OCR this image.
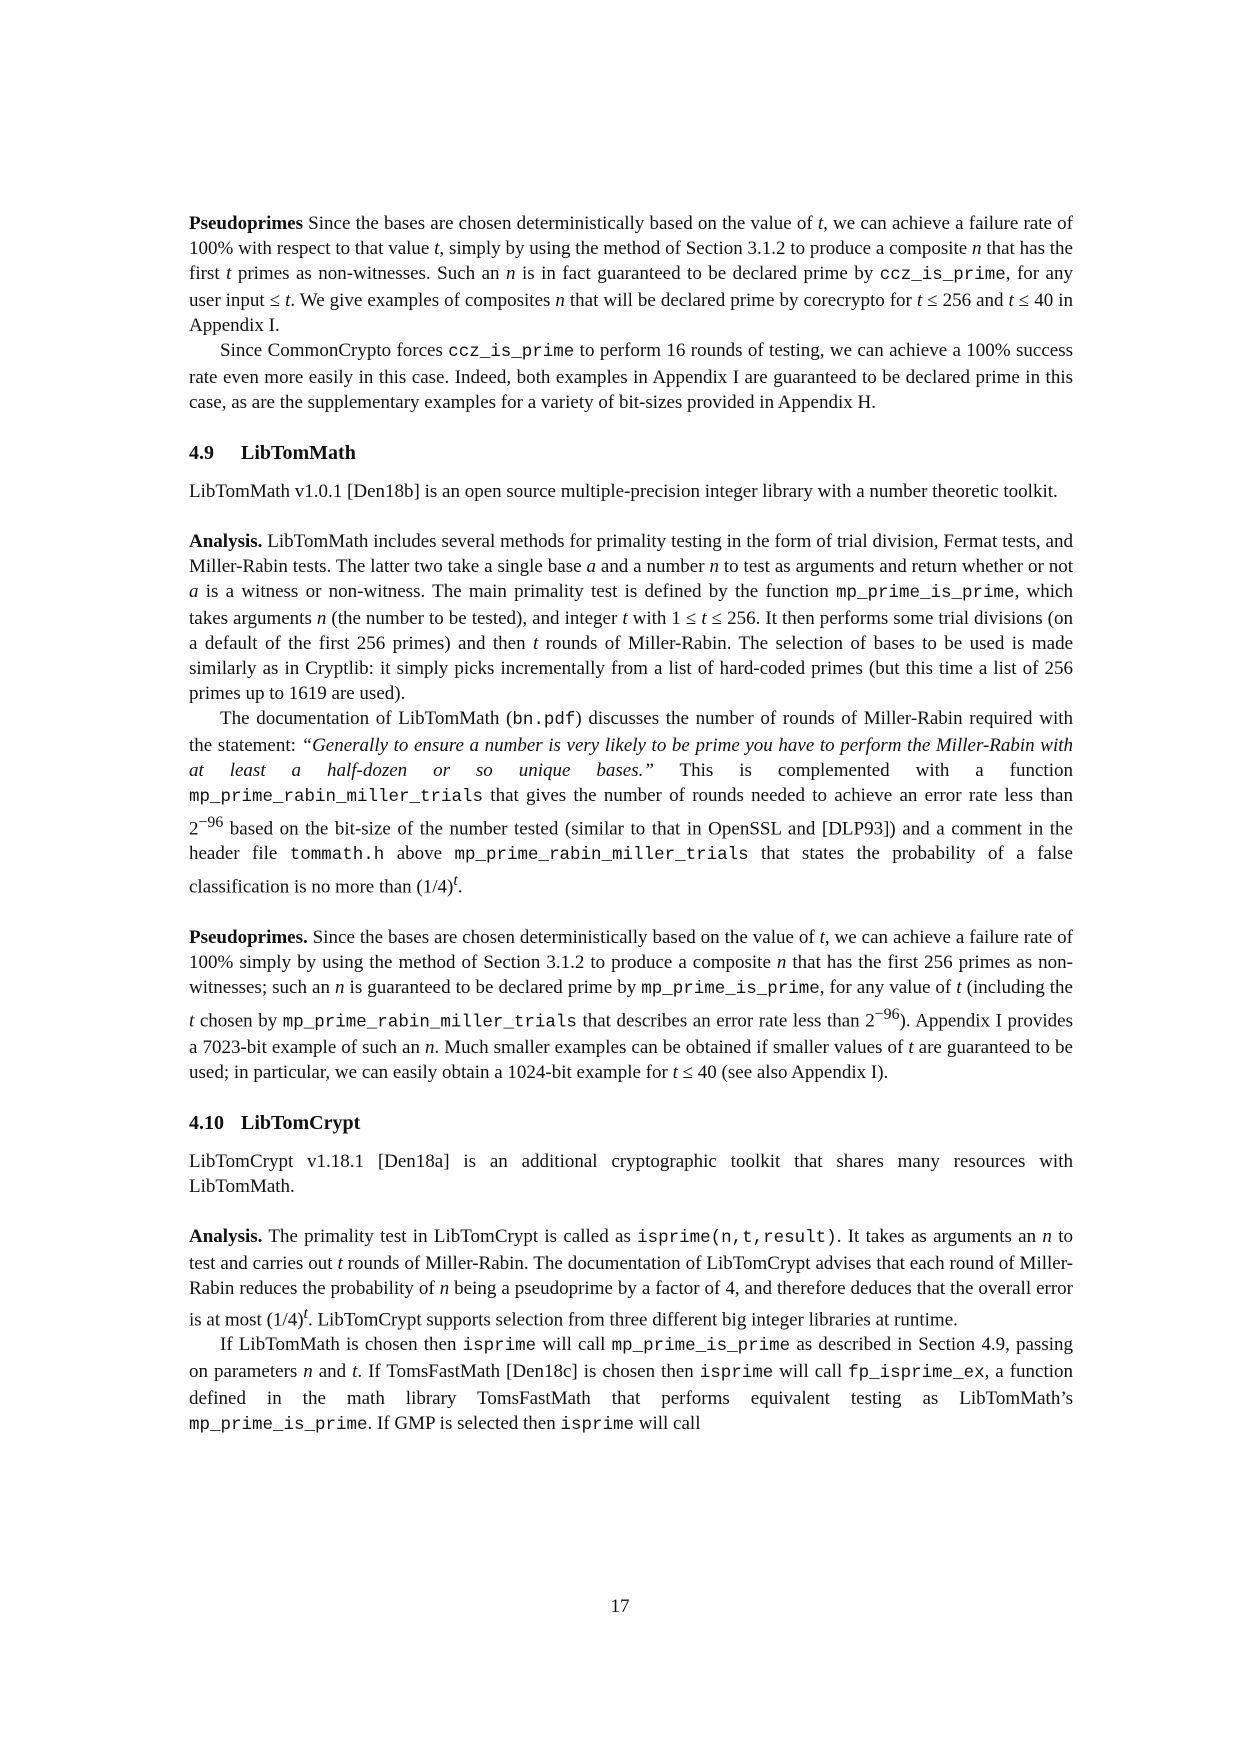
Pseudoprimes Since the bases are chosen deterministically based on the value of t, we can achieve a failure rate of 100% with respect to that value t, simply by using the method of Section 3.1.2 to produce a composite n that has the first t primes as non-witnesses. Such an n is in fact guaranteed to be declared prime by ccz_is_prime, for any user input ≤ t. We give examples of composites n that will be declared prime by corecrypto for t ≤ 256 and t ≤ 40 in Appendix I.

Since CommonCrypto forces ccz_is_prime to perform 16 rounds of testing, we can achieve a 100% success rate even more easily in this case. Indeed, both examples in Appendix I are guaranteed to be declared prime in this case, as are the supplementary examples for a variety of bit-sizes provided in Appendix H.

4.9 LibTomMath

LibTomMath v1.0.1 [Den18b] is an open source multiple-precision integer library with a number theoretic toolkit.

Analysis. LibTomMath includes several methods for primality testing in the form of trial division, Fermat tests, and Miller-Rabin tests. The latter two take a single base a and a number n to test as arguments and return whether or not a is a witness or non-witness. The main primality test is defined by the function mp_prime_is_prime, which takes arguments n (the number to be tested), and integer t with 1 ≤ t ≤ 256. It then performs some trial divisions (on a default of the first 256 primes) and then t rounds of Miller-Rabin. The selection of bases to be used is made similarly as in Cryptlib: it simply picks incrementally from a list of hard-coded primes (but this time a list of 256 primes up to 1619 are used).

The documentation of LibTomMath (bn.pdf) discusses the number of rounds of Miller-Rabin required with the statement: “Generally to ensure a number is very likely to be prime you have to perform the Miller-Rabin with at least a half-dozen or so unique bases.” This is complemented with a function mp_prime_rabin_miller_trials that gives the number of rounds needed to achieve an error rate less than $2^{-96}$ based on the bit-size of the number tested (similar to that in OpenSSL and [DLP93]) and a comment in the header file tommath.h above mp_prime_rabin_miller_trials that states the probability of a false classification is no more than $(1/4)^t$.

Pseudoprimes. Since the bases are chosen deterministically based on the value of t, we can achieve a failure rate of 100% simply by using the method of Section 3.1.2 to produce a composite n that has the first 256 primes as non-witnesses; such an n is guaranteed to be declared prime by mp_prime_is_prime, for any value of t (including the t chosen by mp_prime_rabin_miller_trials that describes an error rate less than $2^{-96}$). Appendix I provides a 7023-bit example of such an n. Much smaller examples can be obtained if smaller values of t are guaranteed to be used; in particular, we can easily obtain a 1024-bit example for t ≤ 40 (see also Appendix I).

4.10 LibTomCrypt

LibTomCrypt v1.18.1 [Den18a] is an additional cryptographic toolkit that shares many resources with LibTomMath.

Analysis. The primality test in LibTomCrypt is called as isprime(n,t,result). It takes as arguments an n to test and carries out t rounds of Miller-Rabin. The documentation of LibTomCrypt advises that each round of Miller-Rabin reduces the probability of n being a pseudoprime by a factor of 4, and therefore deduces that the overall error is at most $(1/4)^t$. LibTomCrypt supports selection from three different big integer libraries at runtime.

If LibTomMath is chosen then isprime will call mp_prime_is_prime as described in Section 4.9, passing on parameters n and t. If TomsFastMath [Den18c] is chosen then isprime will call fp_isprime_ex, a function defined in the math library TomsFastMath that performs equivalent testing as LibTomMath’s mp_prime_is_prime. If GMP is selected then isprime will call

17
